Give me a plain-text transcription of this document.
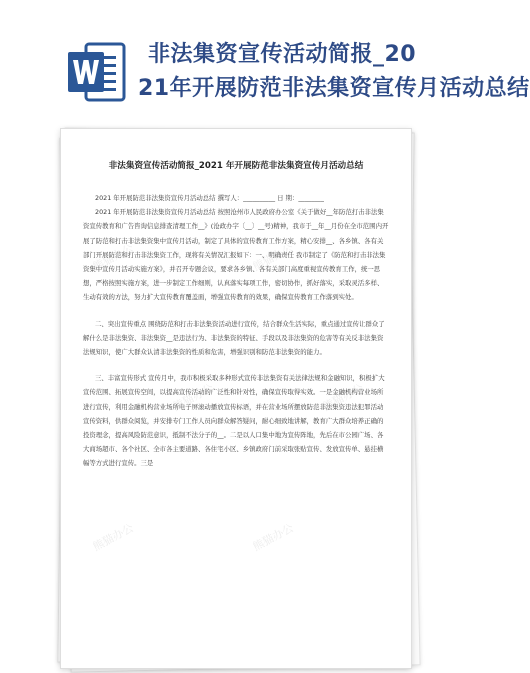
非法集资宣传活动简报_20
21年开展防范非法集资宣传月活动总结
非法集资宣传活动简报_2021 年开展防范非法集资宣传月活动总结

2021 年开展防范非法集资宣传月活动总结 撰写人：__________ 日 期：________

2021 年开展防范非法集资宣传月活动总结 按照沧州市人民政府办公室《关于做好__年防范打击非法集资宣传教育和广告咨询信息排查清理工作__》(沧政办字〔__〕__号)精神，我市于__年__月份在全市范围内开展了防范和打击非法集资集中宣传月活动，制定了具体的宣传教育工作方案，精心安排__、各乡镇、各有关部门开展防范和打击非法集资工作，现将有关情况汇报如下：一、明确责任 我市制定了《防范和打击非法集资集中宣传月活动实施方案》，并召开专题会议，要求各乡镇、各有关部门高度重视宣传教育工作，统一思想，严格按照实施方案，进一步制定工作细则，认真落实每项工作，密切协作，抓好落实，采取灵活多样、生动有效的方法，努力扩大宣传教育覆盖面，增强宣传教育的效果，确保宣传教育工作落到实处。

二、突出宣传重点 围绕防范和打击非法集资活动进行宣传，结合群众生活实际，重点通过宣传让群众了解什么是非法集资、非法集资__是违法行为、非法集资的特征、手段以及非法集资的危害等有关反非法集资法规知识，使广大群众认清非法集资的性质和危害，增强识别和防范非法集资的能力。

三、丰富宣传形式 宣传月中，我市积极采取多种形式宣传非法集资有关法律法规和金融知识，积极扩大宣传范围、拓展宣传空间，以提高宣传活动的广泛性和针对性，确保宣传取得实效。一是金融机构营业场所进行宣传，利用金融机构营业场所电子屏滚动播放宣传标语，并在营业场所摆放防范非法集资违法犯罪活动宣传资料，供群众阅览，并安排专门工作人员向群众解答疑问，耐心细致地讲解，教育广大群众培养正确的投资理念，提高风险防范意识，抵制不法分子的__。二是以人口集中地为宣传阵地，先后在市公园广场、各大商场超市、各个社区、全市各主要道路、各住宅小区、乡镇政府门前采取张贴宣传、发放宣传单、悬挂横幅等方式进行宣传。三是

熊猫办公	熊猫办公
熊猫办公	熊猫办公
熊猫办公	熊猫办公
